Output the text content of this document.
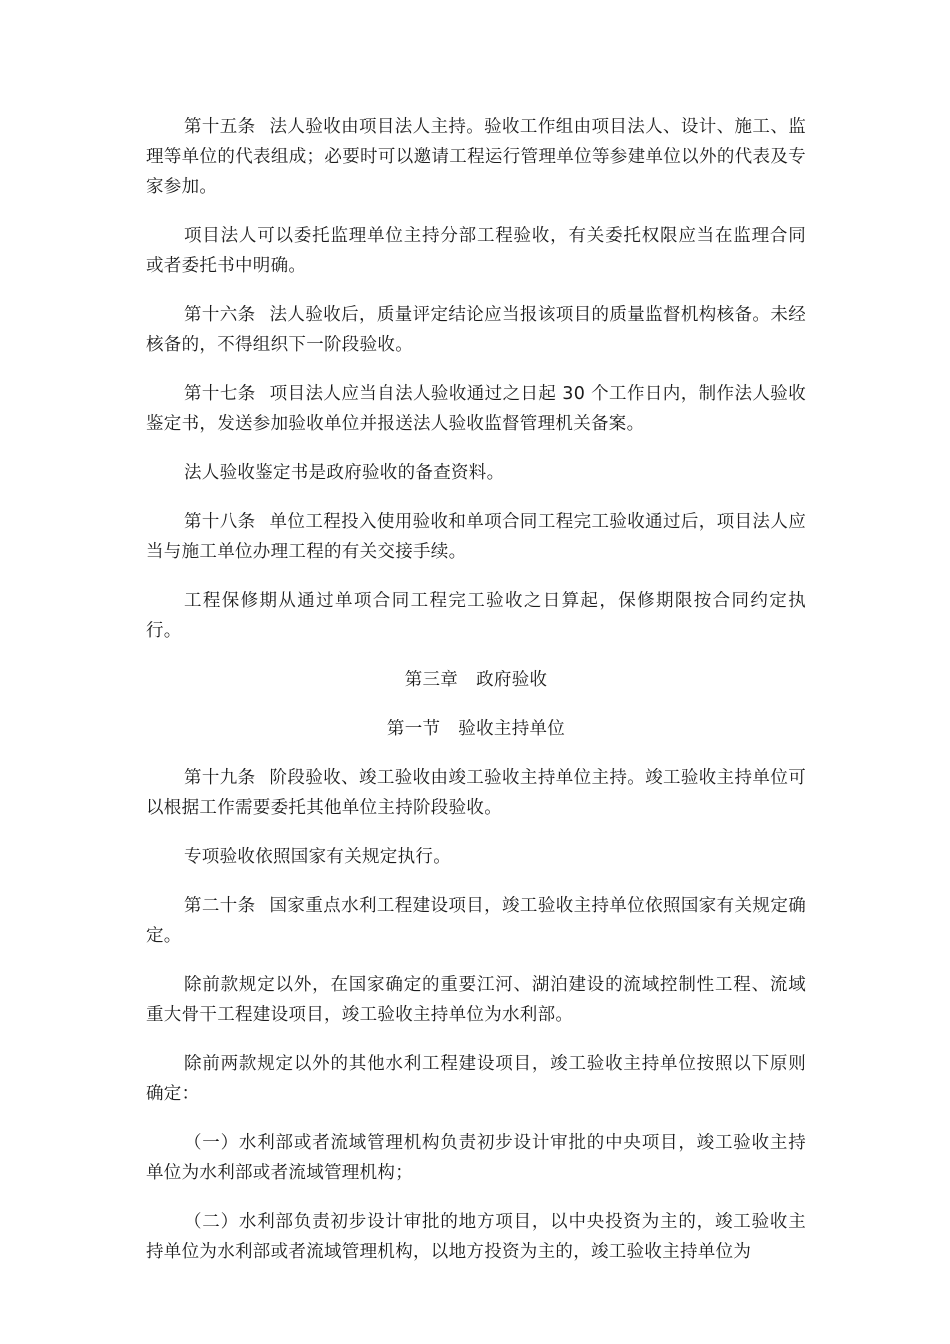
第十五条 法人验收由项目法人主持。验收工作组由项目法人、设计、施工、监理等单位的代表组成；必要时可以邀请工程运行管理单位等参建单位以外的代表及专家参加。

项目法人可以委托监理单位主持分部工程验收，有关委托权限应当在监理合同或者委托书中明确。

第十六条 法人验收后，质量评定结论应当报该项目的质量监督机构核备。未经核备的，不得组织下一阶段验收。

第十七条 项目法人应当自法人验收通过之日起 30 个工作日内，制作法人验收鉴定书，发送参加验收单位并报送法人验收监督管理机关备案。

法人验收鉴定书是政府验收的备查资料。

第十八条 单位工程投入使用验收和单项合同工程完工验收通过后，项目法人应当与施工单位办理工程的有关交接手续。

工程保修期从通过单项合同工程完工验收之日算起，保修期限按合同约定执行。

第三章 政府验收
第一节 验收主持单位

第十九条 阶段验收、竣工验收由竣工验收主持单位主持。竣工验收主持单位可以根据工作需要委托其他单位主持阶段验收。

专项验收依照国家有关规定执行。

第二十条 国家重点水利工程建设项目，竣工验收主持单位依照国家有关规定确定。

除前款规定以外，在国家确定的重要江河、湖泊建设的流域控制性工程、流域重大骨干工程建设项目，竣工验收主持单位为水利部。

除前两款规定以外的其他水利工程建设项目，竣工验收主持单位按照以下原则确定：

（一）水利部或者流域管理机构负责初步设计审批的中央项目，竣工验收主持单位为水利部或者流域管理机构；

（二）水利部负责初步设计审批的地方项目，以中央投资为主的，竣工验收主持单位为水利部或者流域管理机构，以地方投资为主的，竣工验收主持单位为
